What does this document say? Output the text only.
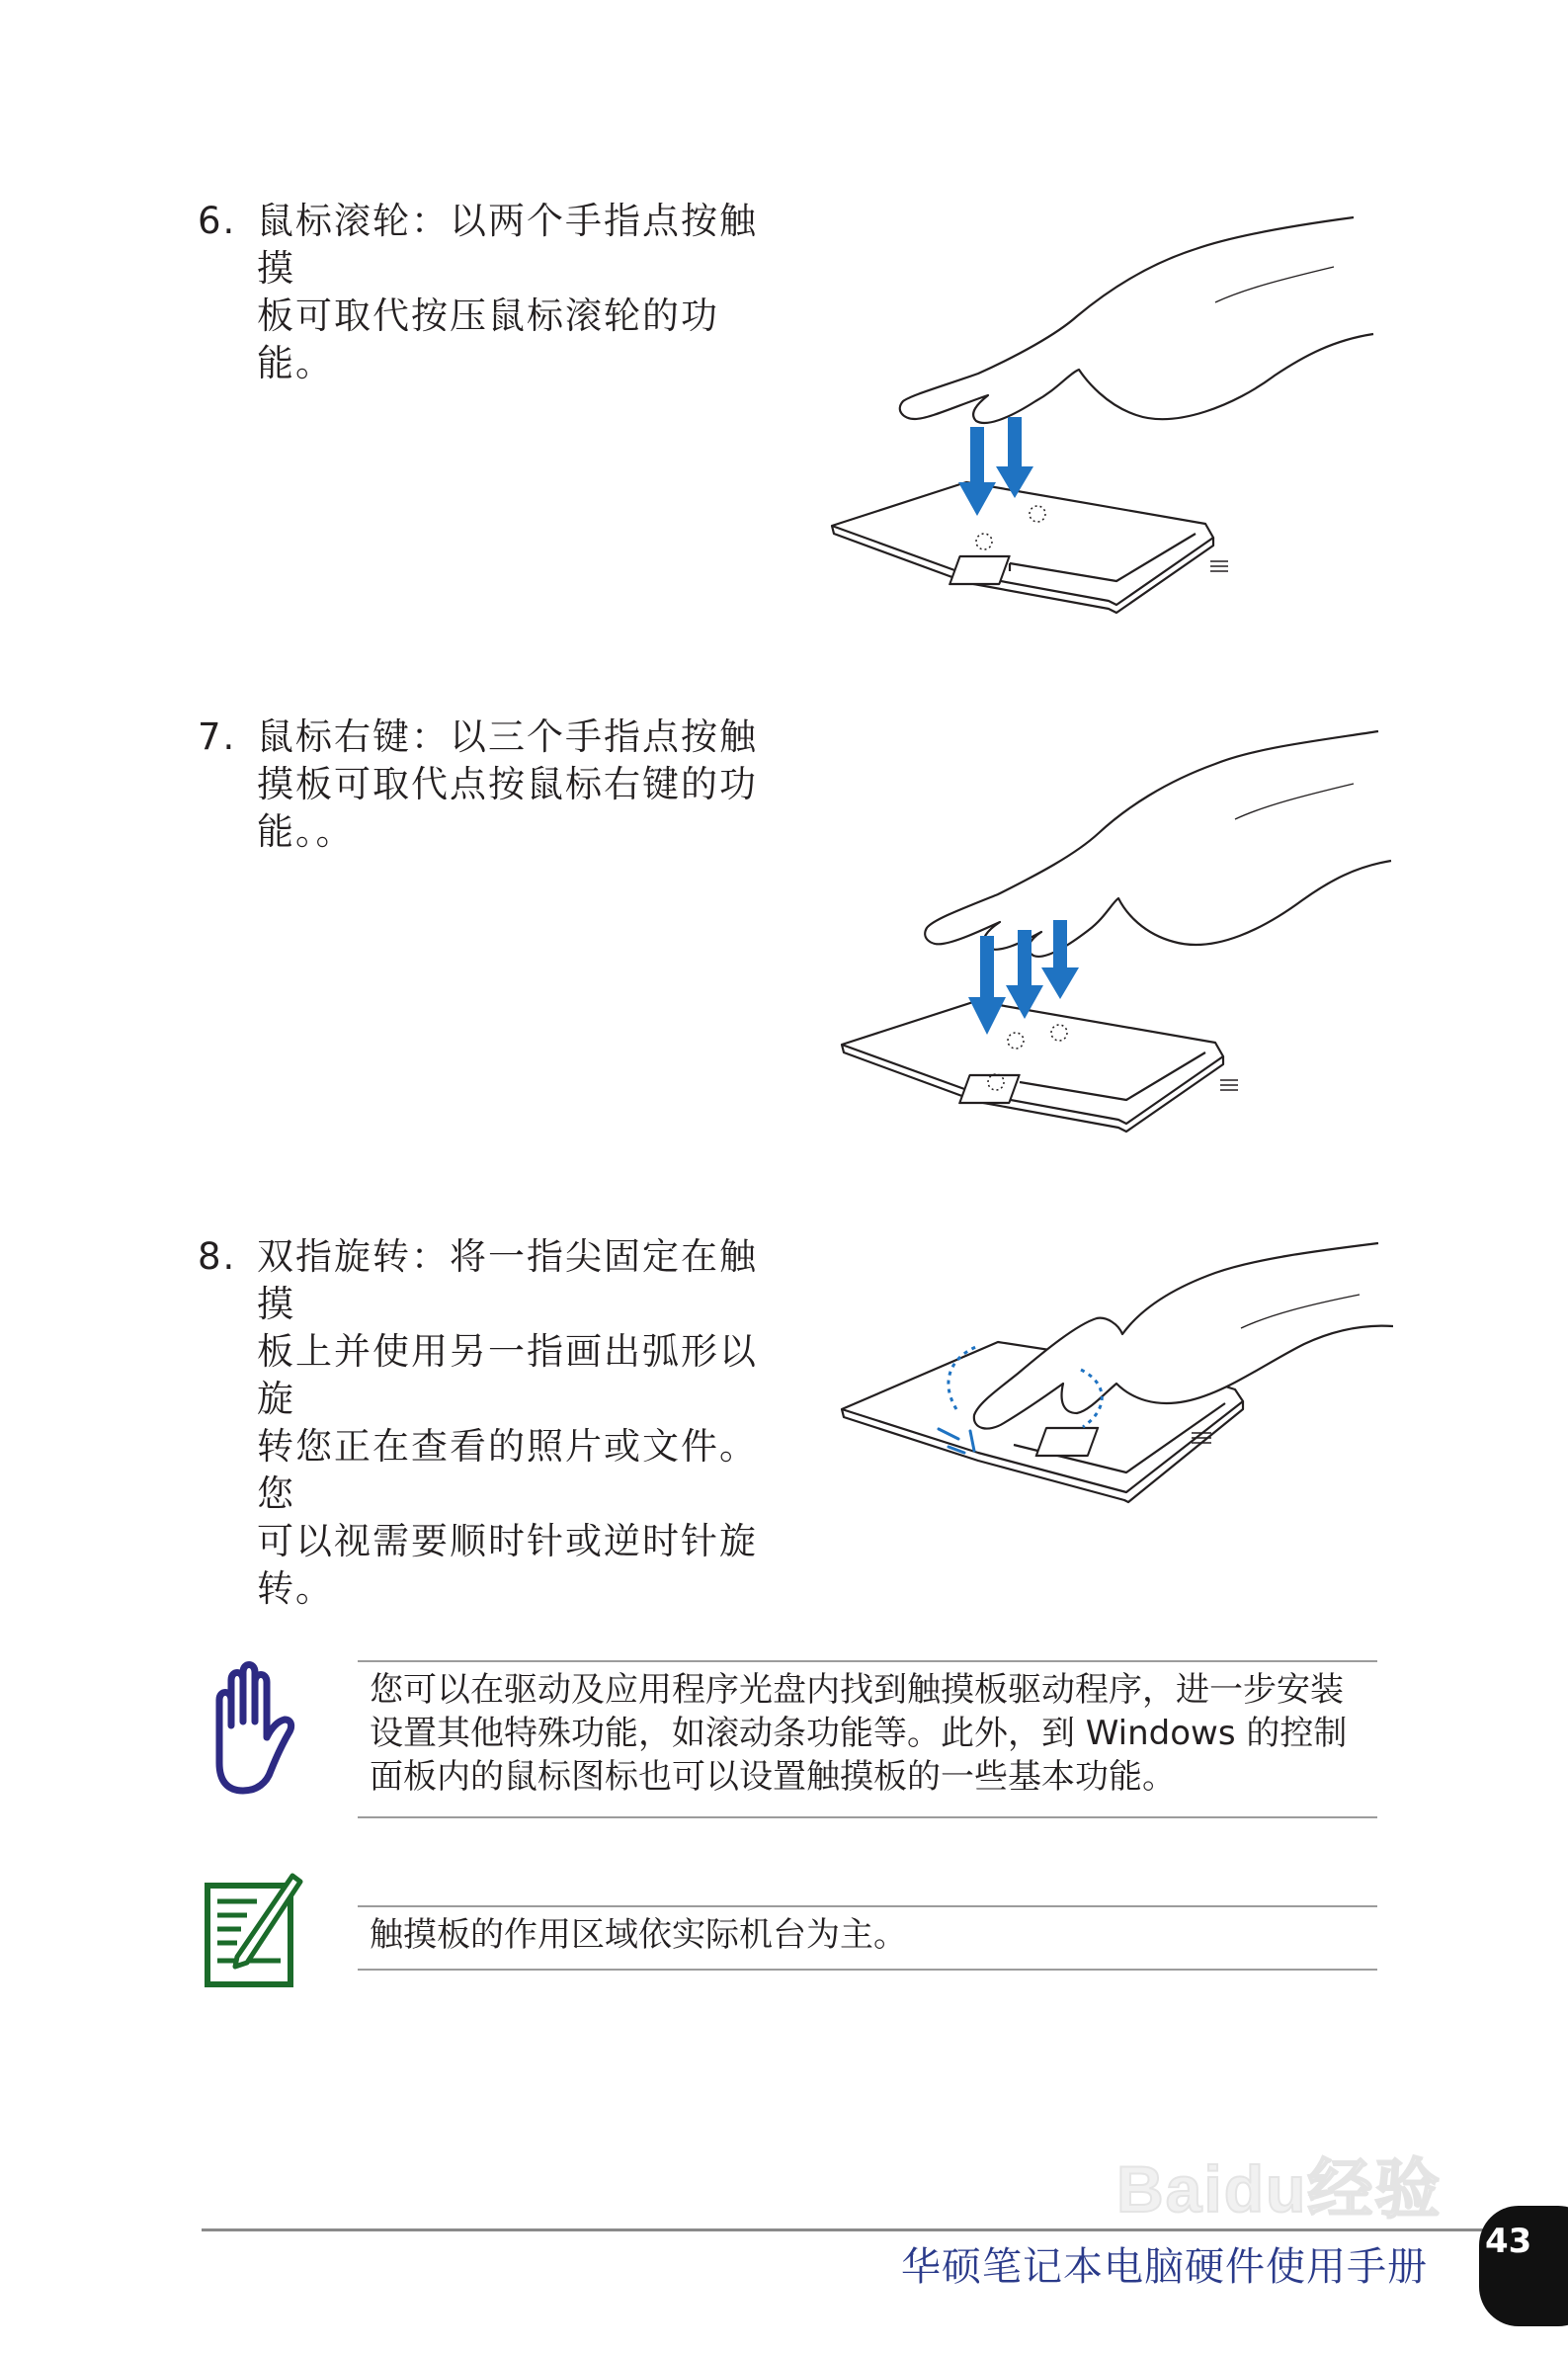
6. 鼠标滚轮：以两个手指点按触摸
板可取代按压鼠标滚轮的功能。
7. 鼠标右键：以三个手指点按触
摸板可取代点按鼠标右键的功
能。。
8. 双指旋转：将一指尖固定在触摸
板上并使用另一指画出弧形以旋
转您正在查看的照片或文件。您
可以视需要顺时针或逆时针旋
转。
您可以在驱动及应用程序光盘内找到触摸板驱动程序，进一步安装
设置其他特殊功能，如滚动条功能等。此外，到 Windows 的控制
面板内的鼠标图标也可以设置触摸板的一些基本功能。
触摸板的作用区域依实际机台为主。
Baidu经验
华硕笔记本电脑硬件使用手册
43
